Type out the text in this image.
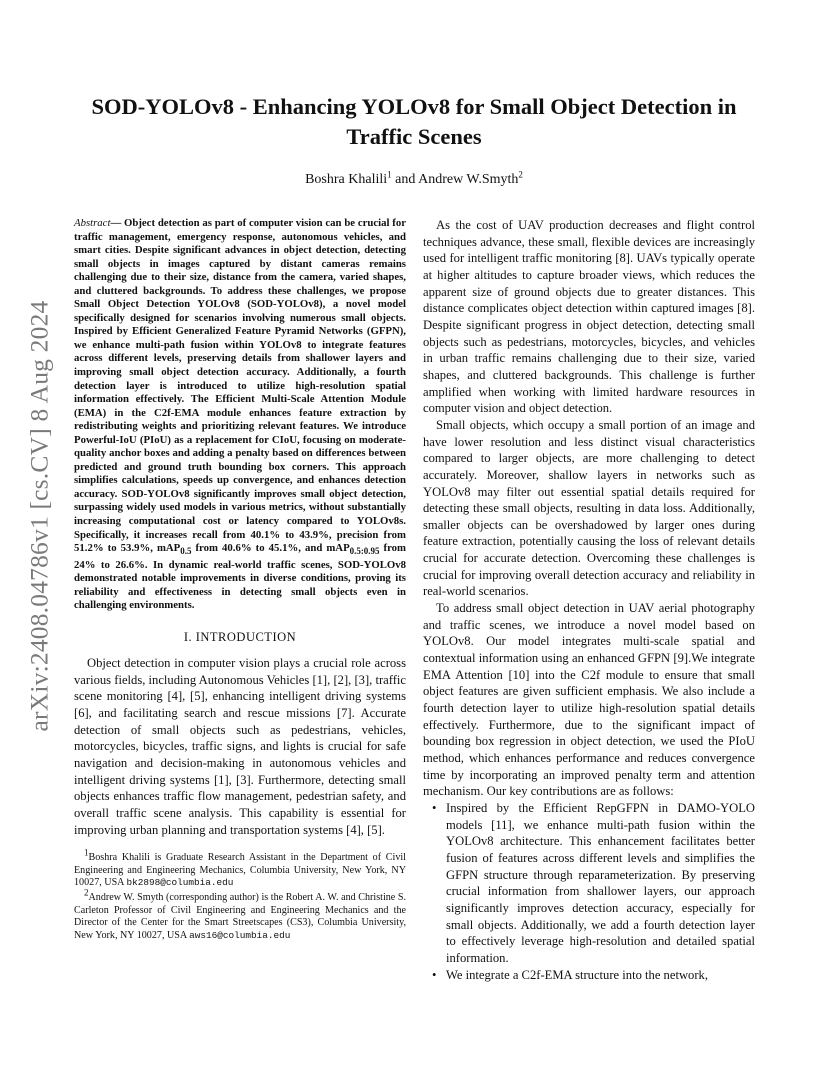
arXiv:2408.04786v1 [cs.CV] 8 Aug 2024
SOD-YOLOv8 - Enhancing YOLOv8 for Small Object Detection in Traffic Scenes
Boshra Khalili$^1$ and Andrew W.Smyth$^2$

Abstract— Object detection as part of computer vision can be crucial for traffic management, emergency response, autonomous vehicles, and smart cities. Despite significant advances in object detection, detecting small objects in images captured by distant cameras remains challenging due to their size, distance from the camera, varied shapes, and cluttered backgrounds. To address these challenges, we propose Small Object Detection YOLOv8 (SOD-YOLOv8), a novel model specifically designed for scenarios involving numerous small objects. Inspired by Efficient Generalized Feature Pyramid Networks (GFPN), we enhance multi-path fusion within YOLOv8 to integrate features across different levels, preserving details from shallower layers and improving small object detection accuracy. Additionally, a fourth detection layer is introduced to utilize high-resolution spatial information effectively. The Efficient Multi-Scale Attention Module (EMA) in the C2f-EMA module enhances feature extraction by redistributing weights and prioritizing relevant features. We introduce Powerful-IoU (PIoU) as a replacement for CIoU, focusing on moderate-quality anchor boxes and adding a penalty based on differences between predicted and ground truth bounding box corners. This approach simplifies calculations, speeds up convergence, and enhances detection accuracy. SOD-YOLOv8 significantly improves small object detection, surpassing widely used models in various metrics, without substantially increasing computational cost or latency compared to YOLOv8s. Specifically, it increases recall from 40.1% to 43.9%, precision from 51.2% to 53.9%, mAP$_{0.5}$ from 40.6% to 45.1%, and mAP$_{0.5:0.95}$ from 24% to 26.6%. In dynamic real-world traffic scenes, SOD-YOLOv8 demonstrated notable improvements in diverse conditions, proving its reliability and effectiveness in detecting small objects even in challenging environments.

I. INTRODUCTION

Object detection in computer vision plays a crucial role across various fields, including Autonomous Vehicles [1], [2], [3], traffic scene monitoring [4], [5], enhancing intelligent driving systems [6], and facilitating search and rescue missions [7]. Accurate detection of small objects such as pedestrians, vehicles, motorcycles, bicycles, traffic signs, and lights is crucial for safe navigation and decision-making in autonomous vehicles and intelligent driving systems [1], [3]. Furthermore, detecting small objects enhances traffic flow management, pedestrian safety, and overall traffic scene analysis. This capability is essential for improving urban planning and transportation systems [4], [5].

$^1$Boshra Khalili is Graduate Research Assistant in the Department of Civil Engineering and Engineering Mechanics, Columbia University, New York, NY 10027, USA bk2898@columbia.edu

$^2$Andrew W. Smyth (corresponding author) is the Robert A. W. and Christine S. Carleton Professor of Civil Engineering and Engineering Mechanics and the Director of the Center for the Smart Streetscapes (CS3), Columbia University, New York, NY 10027, USA aws16@columbia.edu

As the cost of UAV production decreases and flight control techniques advance, these small, flexible devices are increasingly used for intelligent traffic monitoring [8]. UAVs typically operate at higher altitudes to capture broader views, which reduces the apparent size of ground objects due to greater distances. This distance complicates object detection within captured images [8]. Despite significant progress in object detection, detecting small objects such as pedestrians, motorcycles, bicycles, and vehicles in urban traffic remains challenging due to their size, varied shapes, and cluttered backgrounds. This challenge is further amplified when working with limited hardware resources in computer vision and object detection.

Small objects, which occupy a small portion of an image and have lower resolution and less distinct visual characteristics compared to larger objects, are more challenging to detect accurately. Moreover, shallow layers in networks such as YOLOv8 may filter out essential spatial details required for detecting these small objects, resulting in data loss. Additionally, smaller objects can be overshadowed by larger ones during feature extraction, potentially causing the loss of relevant details crucial for accurate detection. Overcoming these challenges is crucial for improving overall detection accuracy and reliability in real-world scenarios.

To address small object detection in UAV aerial photography and traffic scenes, we introduce a novel model based on YOLOv8. Our model integrates multi-scale spatial and contextual information using an enhanced GFPN [9].We integrate EMA Attention [10] into the C2f module to ensure that small object features are given sufficient emphasis. We also include a fourth detection layer to utilize high-resolution spatial details effectively. Furthermore, due to the significant impact of bounding box regression in object detection, we used the PIoU method, which enhances performance and reduces convergence time by incorporating an improved penalty term and attention mechanism. Our key contributions are as follows:

• Inspired by the Efficient RepGFPN in DAMO-YOLO models [11], we enhance multi-path fusion within the YOLOv8 architecture. This enhancement facilitates better fusion of features across different levels and simplifies the GFPN structure through reparameterization. By preserving crucial information from shallower layers, our approach significantly improves detection accuracy, especially for small objects. Additionally, we add a fourth detection layer to effectively leverage high-resolution and detailed spatial information.
• We integrate a C2f-EMA structure into the network,
